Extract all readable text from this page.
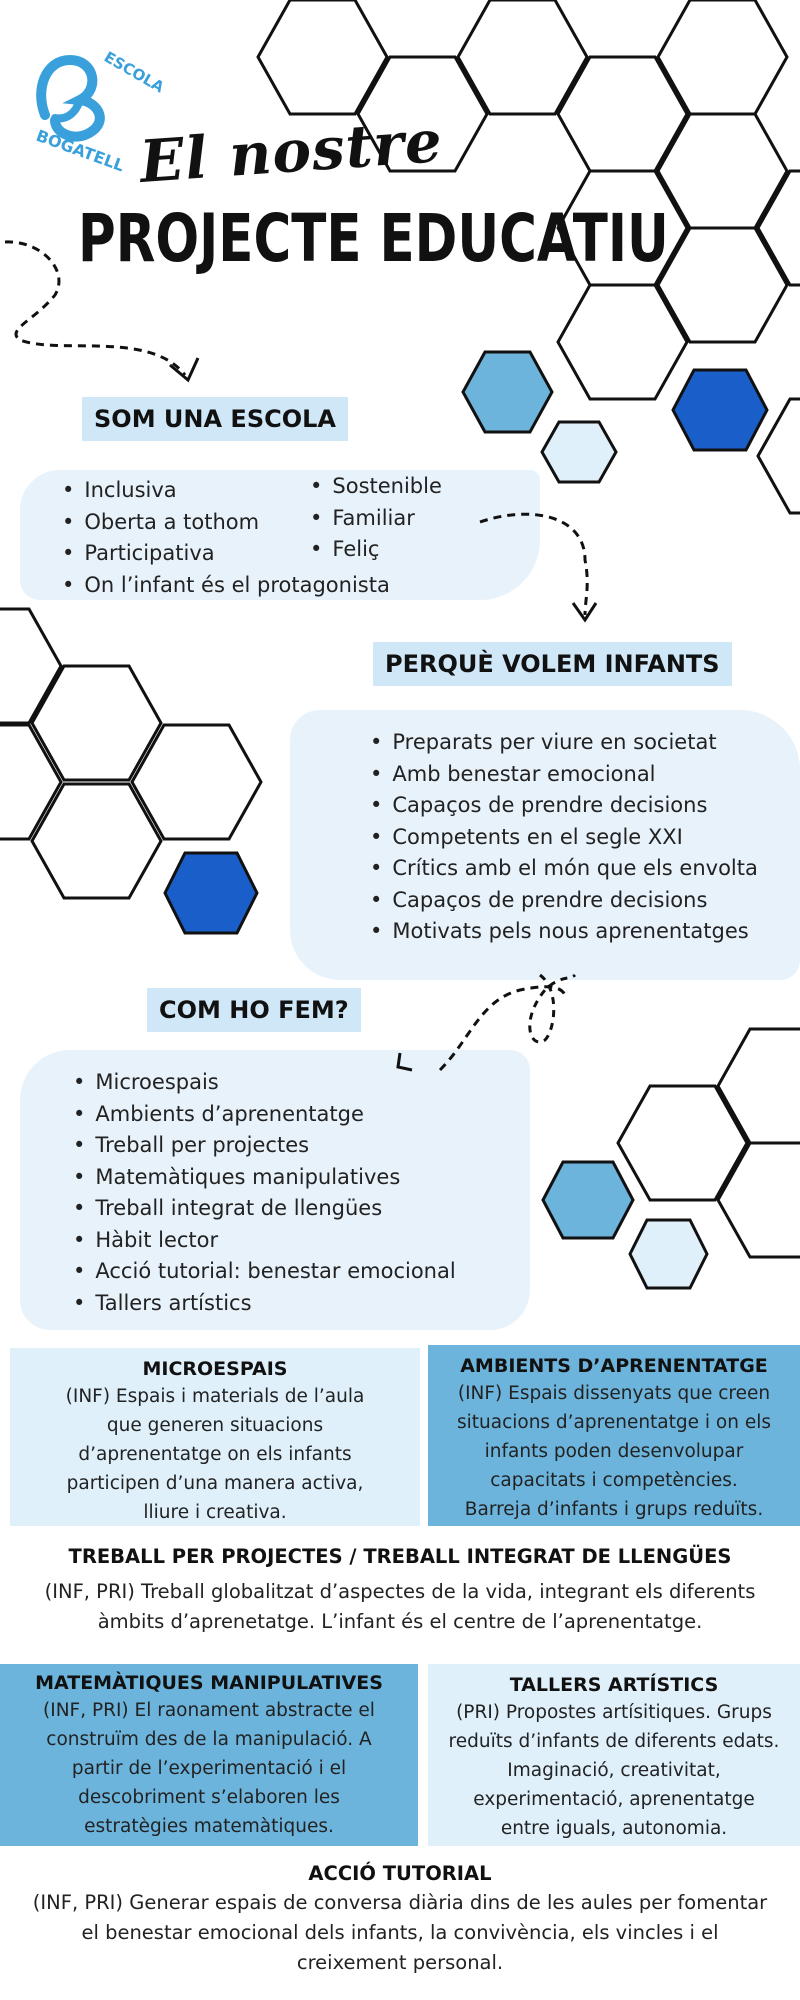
ESCOLA
BOGATELL El nostre
PROJECTE EDUCATIU
SOM UNA ESCOLA
• Inclusiva
• Oberta a tothom
• Participativa
• On l’infant és el protagonista
• Sostenible
• Familiar
• Feliç
PERQUÈ VOLEM INFANTS
• Preparats per viure en societat
• Amb benestar emocional
• Capaços de prendre decisions
• Competents en el segle XXI
• Crítics amb el món que els envolta
• Capaços de prendre decisions
• Motivats pels nous aprenentatges
COM HO FEM?
• Microespais
• Ambients d’aprenentatge
• Treball per projectes
• Matemàtiques manipulatives
• Treball integrat de llengües
• Hàbit lector
• Acció tutorial: benestar emocional
• Tallers artístics
MICROESPAIS

(INF) Espais i materials de l’aula

que generen situacions

d’aprenentatge on els infants

participen d’una manera activa,

lliure i creativa.

AMBIENTS D’APRENENTATGE

(INF) Espais dissenyats que creen

situacions d’aprenentatge i on els

infants poden desenvolupar

capacitats i competències.

Barreja d’infants i grups reduïts.

TREBALL PER PROJECTES / TREBALL INTEGRAT DE LLENGÜES

(INF, PRI) Treball globalitzat d’aspectes de la vida, integrant els diferents

àmbits d’aprenetatge. L’infant és el centre de l’aprenentatge.

MATEMÀTIQUES MANIPULATIVES

(INF, PRI) El raonament abstracte el

construïm des de la manipulació. A

partir de l’experimentació i el

descobriment s’elaboren les

estratègies matemàtiques.

TALLERS ARTÍSTICS

(PRI) Propostes artísitiques. Grups

reduïts d’infants de diferents edats.

Imaginació, creativitat,

experimentació, aprenentatge

entre iguals, autonomia.

ACCIÓ TUTORIAL

(INF, PRI) Generar espais de conversa diària dins de les aules per fomentar

el benestar emocional dels infants, la convivència, els vincles i el

creixement personal.
